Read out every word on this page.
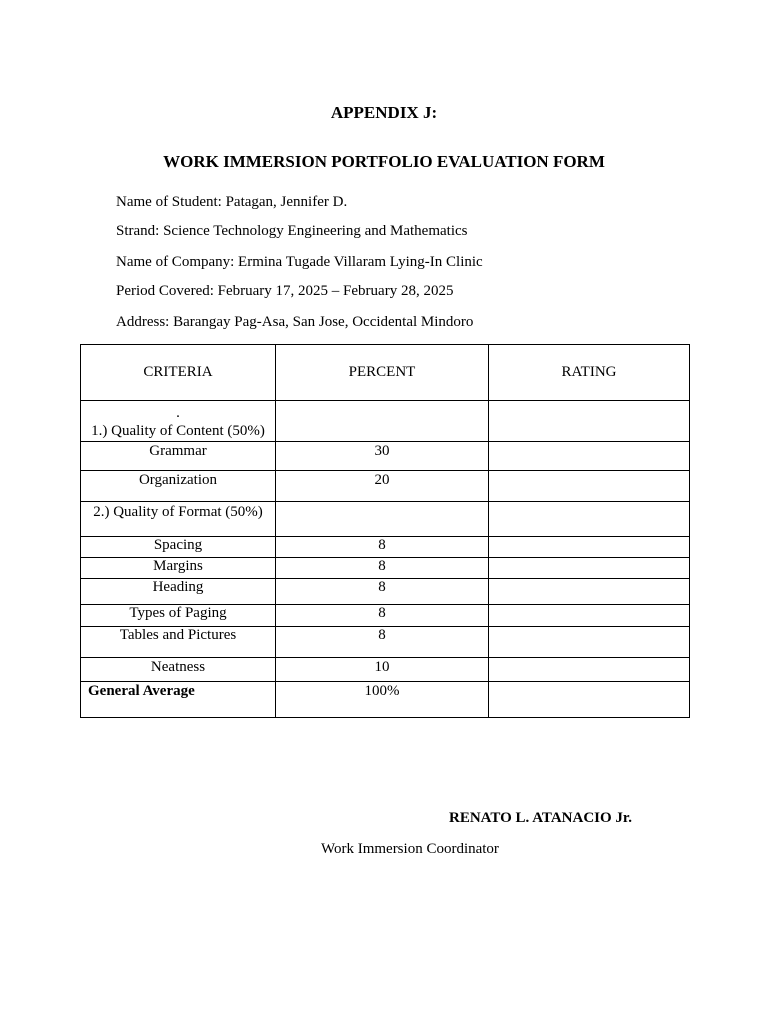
APPENDIX J:
WORK IMMERSION PORTFOLIO EVALUATION FORM
Name of Student: Patagan, Jennifer D.
Strand: Science Technology Engineering and Mathematics
Name of Company: Ermina Tugade Villaram Lying-In Clinic
Period Covered: February 17, 2025 – February 28, 2025
Address: Barangay Pag-Asa, San Jose, Occidental Mindoro
CRITERIA	PERCENT	RATING

.
1.) Quality of Content (50%)		

Grammar	30	
Organization	20	
2.) Quality of Format (50%)		
Spacing	8	
Margins	8	
Heading	8	
Types of Paging	8	
Tables and Pictures	8	
Neatness	10	
General Average	100%	
RENATO L. ATANACIO Jr.
Work Immersion Coordinator
